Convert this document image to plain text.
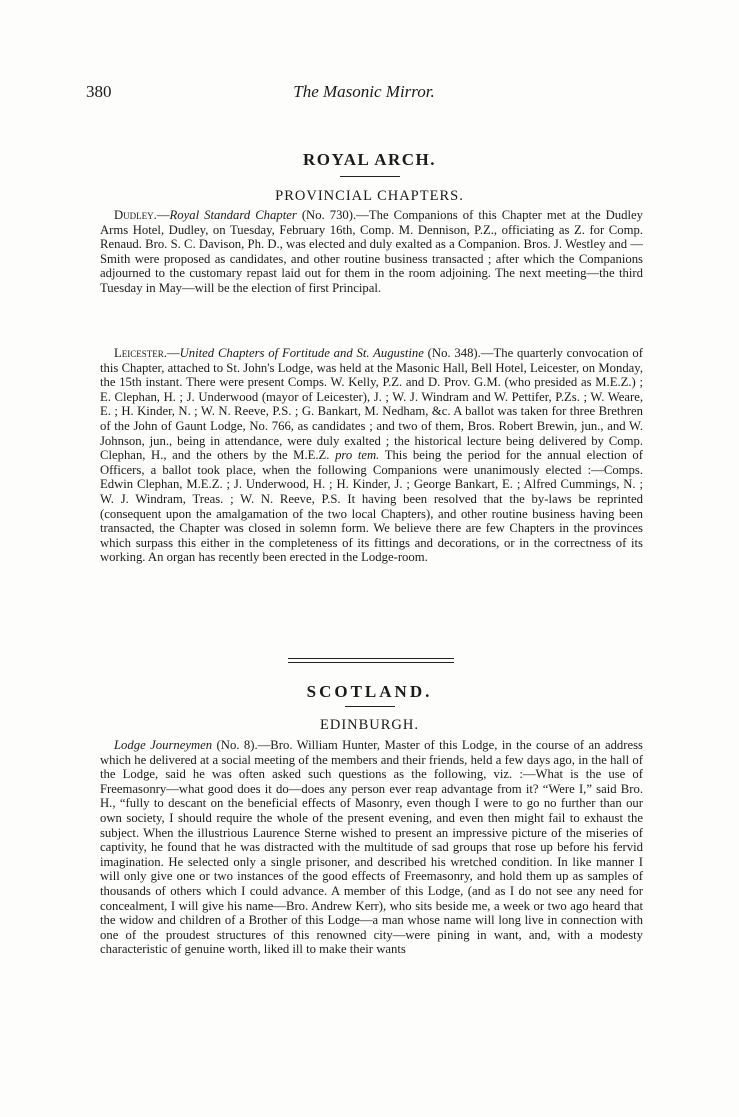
380	The Masonic Mirror.
ROYAL ARCH.
PROVINCIAL CHAPTERS.

Dudley.—Royal Standard Chapter (No. 730).—The Companions of this Chapter met at the Dudley Arms Hotel, Dudley, on Tuesday, February 16th, Comp. M. Dennison, P.Z., officiating as Z. for Comp. Renaud. Bro. S. C. Davison, Ph. D., was elected and duly exalted as a Companion. Bros. J. Westley and — Smith were proposed as candidates, and other routine business transacted ; after which the Companions adjourned to the customary repast laid out for them in the room adjoining. The next meeting—the third Tuesday in May—will be the election of first Principal.

Leicester.—United Chapters of Fortitude and St. Augustine (No. 348).—The quarterly convocation of this Chapter, attached to St. John's Lodge, was held at the Masonic Hall, Bell Hotel, Leicester, on Monday, the 15th instant. There were present Comps. W. Kelly, P.Z. and D. Prov. G.M. (who presided as M.E.Z.) ; E. Clephan, H. ; J. Underwood (mayor of Leicester), J. ; W. J. Windram and W. Pettifer, P.Zs. ; W. Weare, E. ; H. Kinder, N. ; W. N. Reeve, P.S. ; G. Bankart, M. Nedham, &c. A ballot was taken for three Brethren of the John of Gaunt Lodge, No. 766, as candidates ; and two of them, Bros. Robert Brewin, jun., and W. Johnson, jun., being in attendance, were duly exalted ; the historical lecture being delivered by Comp. Clephan, H., and the others by the M.E.Z. pro tem. This being the period for the annual election of Officers, a ballot took place, when the following Companions were unanimously elected :—Comps. Edwin Clephan, M.E.Z. ; J. Underwood, H. ; H. Kinder, J. ; George Bankart, E. ; Alfred Cummings, N. ; W. J. Windram, Treas. ; W. N. Reeve, P.S. It having been resolved that the by-laws be reprinted (consequent upon the amalgamation of the two local Chapters), and other routine business having been transacted, the Chapter was closed in solemn form. We believe there are few Chapters in the provinces which surpass this either in the completeness of its fittings and decorations, or in the correctness of its working. An organ has recently been erected in the Lodge-room.

SCOTLAND.
EDINBURGH.

Lodge Journeymen (No. 8).—Bro. William Hunter, Master of this Lodge, in the course of an address which he delivered at a social meeting of the members and their friends, held a few days ago, in the hall of the Lodge, said he was often asked such questions as the following, viz. :—What is the use of Freemasonry—what good does it do—does any person ever reap advantage from it? “Were I,” said Bro. H., “fully to descant on the beneficial effects of Masonry, even though I were to go no further than our own society, I should require the whole of the present evening, and even then might fail to exhaust the subject. When the illustrious Laurence Sterne wished to present an impressive picture of the miseries of captivity, he found that he was distracted with the multitude of sad groups that rose up before his fervid imagination. He selected only a single prisoner, and described his wretched condition. In like manner I will only give one or two instances of the good effects of Freemasonry, and hold them up as samples of thousands of others which I could advance. A member of this Lodge, (and as I do not see any need for concealment, I will give his name—Bro. Andrew Kerr), who sits beside me, a week or two ago heard that the widow and children of a Brother of this Lodge—a man whose name will long live in connection with one of the proudest structures of this renowned city—were pining in want, and, with a modesty characteristic of genuine worth, liked ill to make their wants
